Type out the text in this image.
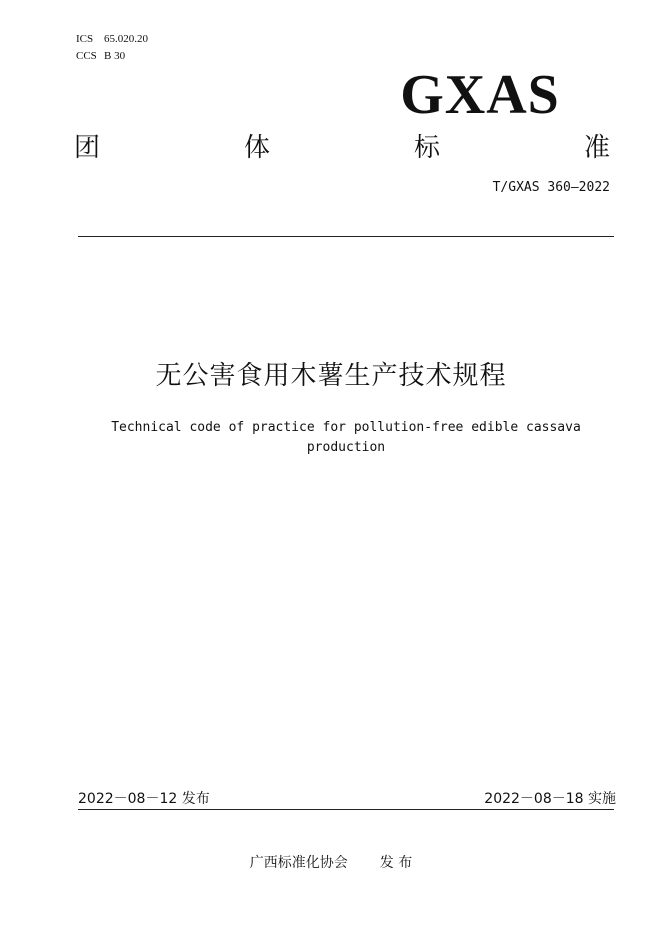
ICS 65.020.20
CCS B 30
GXAS
团	体	标	准
T/GXAS 360—2022
无公害食用木薯生产技术规程
Technical code of practice for pollution-free edible cassava
production
2022－08－12 发布	2022－08－18 实施
广西标准化协会 发 布
